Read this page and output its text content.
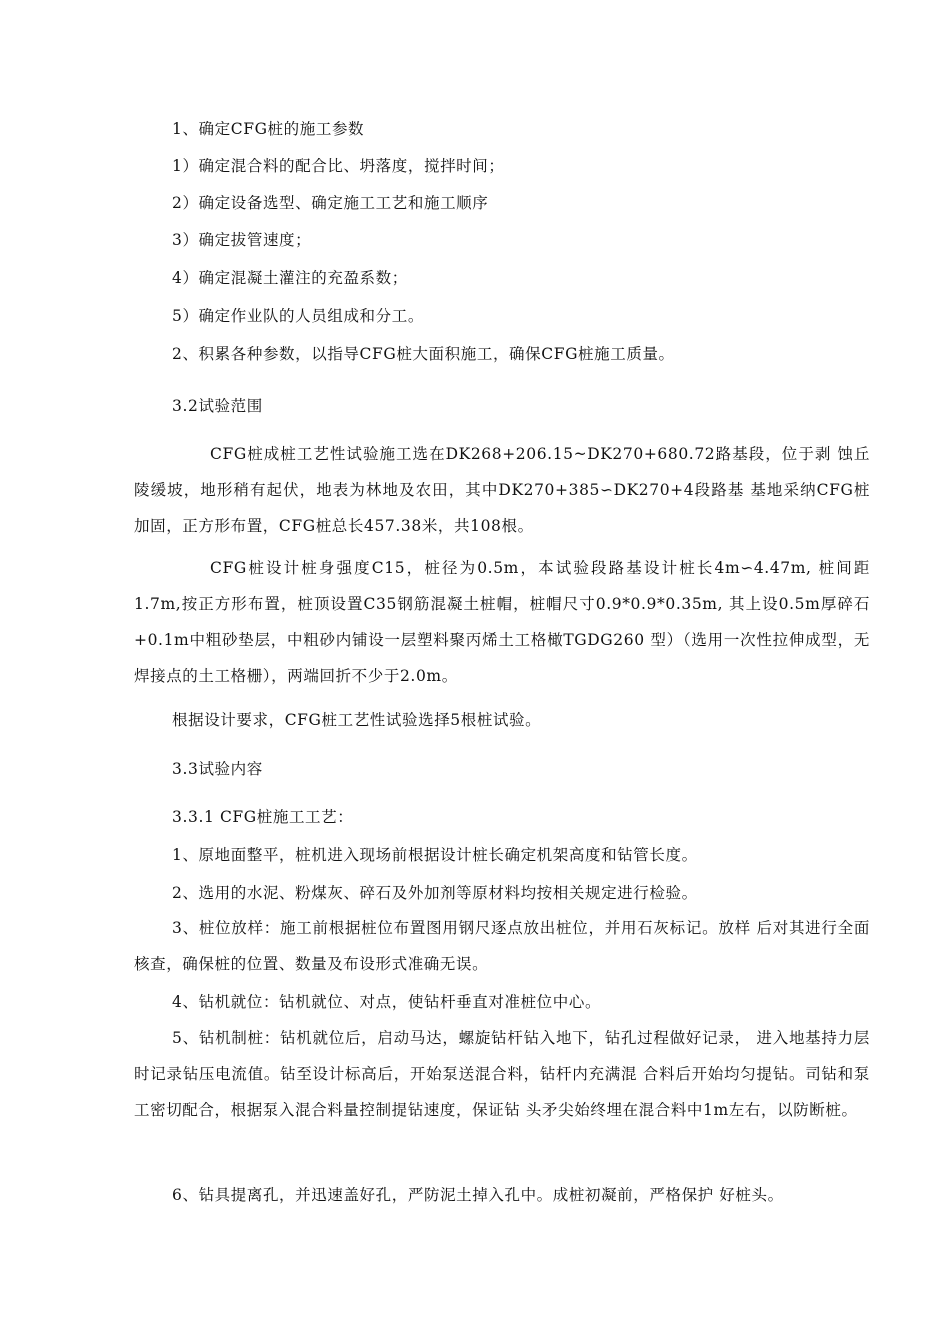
1、确定CFG桩的施工参数
1）确定混合料的配合比、坍落度，搅拌时间；
2）确定设备选型、确定施工工艺和施工顺序
3）确定拔管速度；
4）确定混凝土灌注的充盈系数；
5）确定作业队的人员组成和分工。
2、积累各种参数，以指导CFG桩大面积施工，确保CFG桩施工质量。
3.2试验范围
CFG桩成桩工艺性试验施工选在DK268+206.15~DK270+680.72路基段，位于剥 蚀丘陵缓坡，地形稍有起伏，地表为林地及农田，其中DK270+385∽DK270+4段路基 基地采纳CFG桩加固，正方形布置，CFG桩总长457.38米，共108根。
CFG桩设计桩身强度C15，桩径为0.5m，本试验段路基设计桩长4m∽4.47m, 桩间距1.7m,按正方形布置，桩顶设置C35钢筋混凝土桩帽，桩帽尺寸0.9*0.9*0.35m, 其上设0.5m厚碎石+0.1m中粗砂垫层，中粗砂内铺设一层塑料聚丙烯土工格橄TGDG260 型）（选用一次性拉伸成型，无焊接点的土工格栅），两端回折不少于2.0m。
根据设计要求，CFG桩工艺性试验选择5根桩试验。
3.3试验内容
3.3.1 CFG桩施工工艺：
1、原地面整平，桩机进入现场前根据设计桩长确定机架高度和钻管长度。
2、选用的水泥、粉煤灰、碎石及外加剂等原材料均按相关规定进行检验。
3、桩位放样：施工前根据桩位布置图用钢尺逐点放出桩位，并用石灰标记。放样 后对其进行全面核查，确保桩的位置、数量及布设形式准确无误。
4、钻机就位：钻机就位、对点，使钻杆垂直对准桩位中心。
5、钻机制桩：钻机就位后，启动马达，螺旋钻杆钻入地下，钻孔过程做好记录， 进入地基持力层时记录钻压电流值。钻至设计标高后，开始泵送混合料，钻杆内充满混 合料后开始均匀提钻。司钻和泵工密切配合，根据泵入混合料量控制提钻速度，保证钻 头矛尖始终埋在混合料中1m左右，以防断桩。
6、钻具提离孔，并迅速盖好孔，严防泥土掉入孔中。成桩初凝前，严格保护 好桩头。
